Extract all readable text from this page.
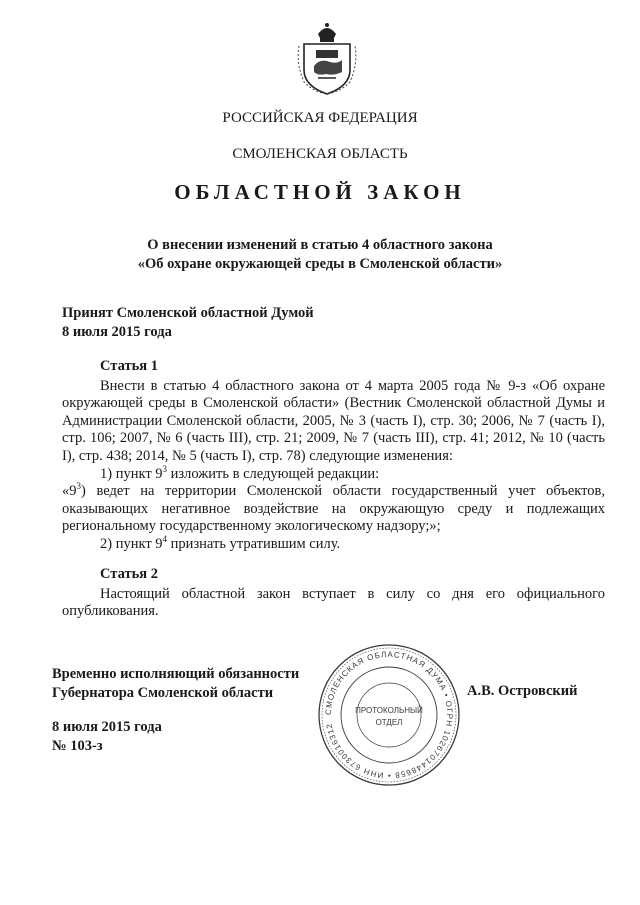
РОССИЙСКАЯ ФЕДЕРАЦИЯ
СМОЛЕНСКАЯ ОБЛАСТЬ
ОБЛАСТНОЙ ЗАКОН
О внесении изменений в статью 4 областного закона
«Об охране окружающей среды в Смоленской области»
Принят Смоленской областной Думой
8 июля 2015 года
Статья 1

Внести в статью 4 областного закона от 4 марта 2005 года № 9-з «Об охране окружающей среды в Смоленской области» (Вестник Смоленской областной Думы и Администрации Смоленской области, 2005, № 3 (часть I), стр. 30; 2006, № 7 (часть I), стр. 106; 2007, № 6 (часть III), стр. 21; 2009, № 7 (часть III), стр. 41; 2012, № 10 (часть I), стр. 438; 2014, № 5 (часть I), стр. 78) следующие изменения:

1) пункт $9^3$ изложить в следующей редакции:

«$9^3$) ведет на территории Смоленской области государственный учет объектов, оказывающих негативное воздействие на окружающую среду и подлежащих региональному государственному экологическому надзору;»;

2) пункт $9^4$ признать утратившим силу.

Статья 2

Настоящий областной закон вступает в силу со дня его официального опубликования.

Временно исполняющий обязанности
Губернатора Смоленской области
СМОЛЕНСКАЯ ОБЛАСТНАЯ ДУМА • ОГРН 1026701448658 • ИНН 6730016312
ПРОТОКОЛЬНЫЙ
ОТДЕЛ
А.В. Островский
8 июля 2015 года
№ 103-з
